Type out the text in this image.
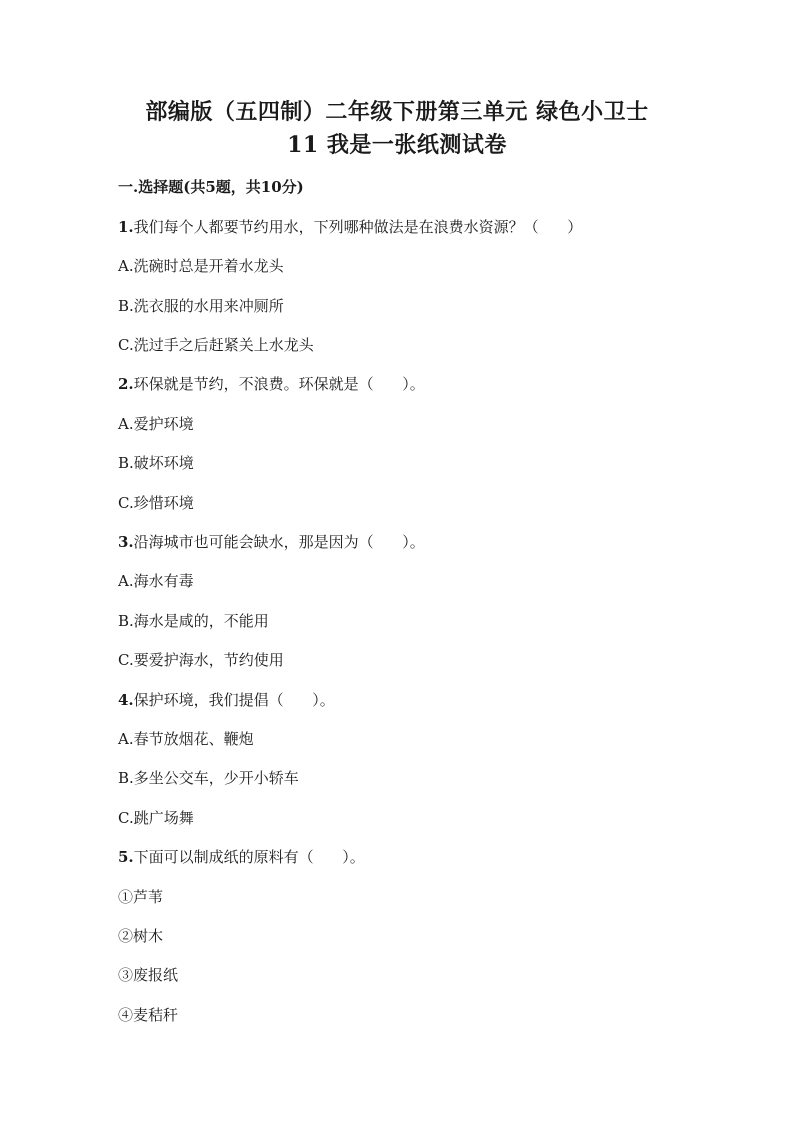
部编版（五四制）二年级下册第三单元 绿色小卫士
11 我是一张纸测试卷
一.选择题(共5题，共10分)
1.我们每个人都要节约用水，下列哪种做法是在浪费水资源？（      ）
A.洗碗时总是开着水龙头
B.洗衣服的水用来冲厕所
C.洗过手之后赶紧关上水龙头
2.环保就是节约，不浪费。环保就是（      ）。
A.爱护环境
B.破坏环境
C.珍惜环境
3.沿海城市也可能会缺水，那是因为（      ）。
A.海水有毒
B.海水是咸的，不能用
C.要爱护海水，节约使用
4.保护环境，我们提倡（      ）。
A.春节放烟花、鞭炮
B.多坐公交车，少开小轿车
C.跳广场舞
5.下面可以制成纸的原料有（      ）。
①芦苇
②树木
③废报纸
④麦秸秆
